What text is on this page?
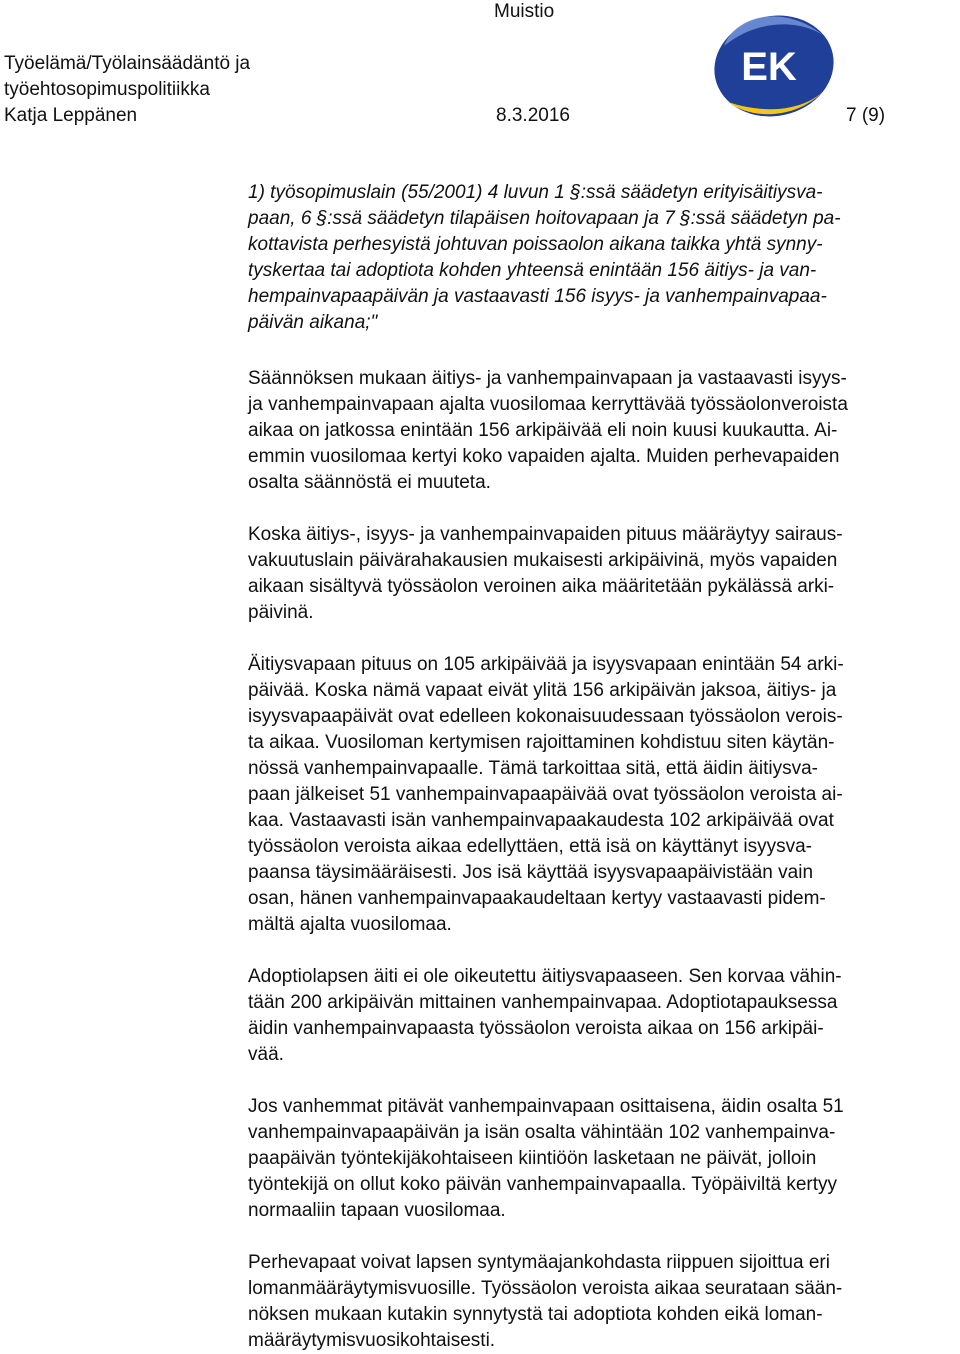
Muistio
Työelämä/Työlainsäädäntö ja
työehtosopimuspolitiikka
Katja Leppänen	8.3.2016	7 (9)
EK
1) työsopimuslain (55/2001) 4 luvun 1 §:ssä säädetyn erityisäitiysva-
paan, 6 §:ssä säädetyn tilapäisen hoitovapaan ja 7 §:ssä säädetyn pa-
kottavista perhesyistä johtuvan poissaolon aikana taikka yhtä synny-
tyskertaa tai adoptiota kohden yhteensä enintään 156 äitiys- ja van-
hempainvapaapäivän ja vastaavasti 156 isyys- ja vanhempainvapaa-
päivän aikana;"
Säännöksen mukaan äitiys- ja vanhempainvapaan ja vastaavasti isyys-
ja vanhempainvapaan ajalta vuosilomaa kerryttävää työssäolonveroista
aikaa on jatkossa enintään 156 arkipäivää eli noin kuusi kuukautta. Ai-
emmin vuosilomaa kertyi koko vapaiden ajalta. Muiden perhevapaiden
osalta säännöstä ei muuteta.
Koska äitiys-, isyys- ja vanhempainvapaiden pituus määräytyy sairaus-
vakuutuslain päivärahakausien mukaisesti arkipäivinä, myös vapaiden
aikaan sisältyvä työssäolon veroinen aika määritetään pykälässä arki-
päivinä.
Äitiysvapaan pituus on 105 arkipäivää ja isyysvapaan enintään 54 arki-
päivää. Koska nämä vapaat eivät ylitä 156 arkipäivän jaksoa, äitiys- ja
isyysvapaapäivät ovat edelleen kokonaisuudessaan työssäolon verois-
ta aikaa. Vuosiloman kertymisen rajoittaminen kohdistuu siten käytän-
nössä vanhempainvapaalle. Tämä tarkoittaa sitä, että äidin äitiysva-
paan jälkeiset 51 vanhempainvapaapäivää ovat työssäolon veroista ai-
kaa. Vastaavasti isän vanhempainvapaakaudesta 102 arkipäivää ovat
työssäolon veroista aikaa edellyttäen, että isä on käyttänyt isyysva-
paansa täysimääräisesti. Jos isä käyttää isyysvapaapäivistään vain
osan, hänen vanhempainvapaakaudeltaan kertyy vastaavasti pidem-
mältä ajalta vuosilomaa.
Adoptiolapsen äiti ei ole oikeutettu äitiysvapaaseen. Sen korvaa vähin-
tään 200 arkipäivän mittainen vanhempainvapaa. Adoptiotapauksessa
äidin vanhempainvapaasta työssäolon veroista aikaa on 156 arkipäi-
vää.
Jos vanhemmat pitävät vanhempainvapaan osittaisena, äidin osalta 51
vanhempainvapaapäivän ja isän osalta vähintään 102 vanhempainva-
paapäivän työntekijäkohtaiseen kiintiöön lasketaan ne päivät, jolloin
työntekijä on ollut koko päivän vanhempainvapaalla. Työpäiviltä kertyy
normaaliin tapaan vuosilomaa.
Perhevapaat voivat lapsen syntymäajankohdasta riippuen sijoittua eri
lomanmääräytymisvuosille. Työssäolon veroista aikaa seurataan sään-
nöksen mukaan kutakin synnytystä tai adoptiota kohden eikä loman-
määräytymisvuosikohtaisesti.
